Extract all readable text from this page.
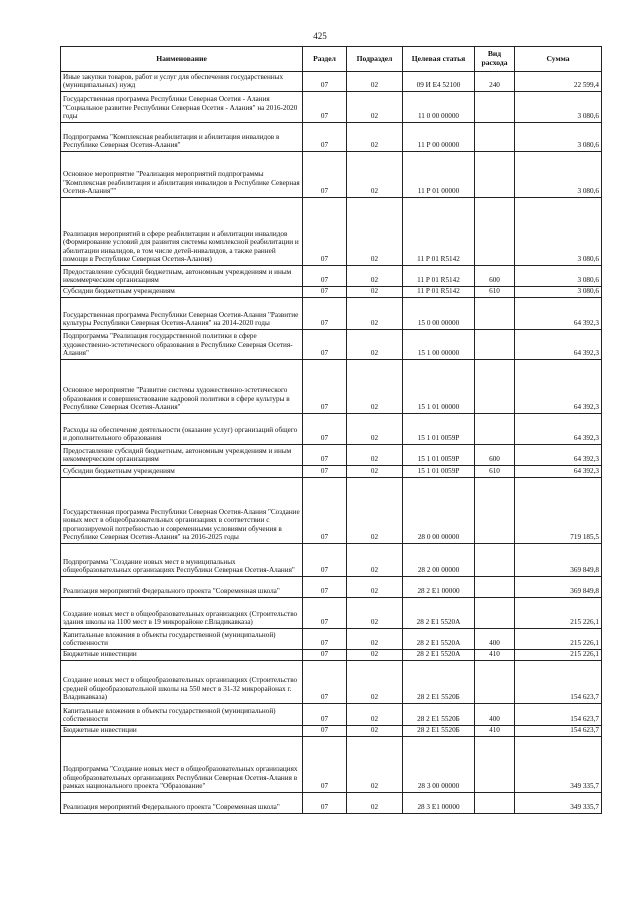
425
Наименование	Раздел	Подраздел	Целевая статья	Вид расхода	Сумма
Иные закупки товаров, работ и услуг для обеспечения государственных (муниципальных) нужд	07	02	09 И Е4 52100	240	22 599,4
Государственная программа Республики Северная Осетия - Алания "Социальное развитие Республики Северная Осетия - Алания" на 2016-2020 годы	07	02	11 0 00 00000		3 080,6
Подпрограмма "Комплексная реабилитация и абилитация инвалидов в Республике Северная Осетия-Алания"	07	02	11 Р 00 00000		3 080,6
Основное мероприятие "Реализация мероприятий подпрограммы "Комплексная реабилитация и абилитация инвалидов в Республике Северная Осетия-Алания""	07	02	11 Р 01 00000		3 080,6
Реализация мероприятий в сфере реабилитации и абилитации инвалидов (Формирование условий для развития системы комплексной реабилитации и абилитации инвалидов, в том числе детей-инвалидов, а также ранней помощи в Республике Северная Осетия-Алания)	07	02	11 Р 01 R5142		3 080,6
Предоставление субсидий бюджетным, автономным учреждениям и иным некоммерческим организациям	07	02	11 Р 01 R5142	600	3 080,6
Субсидии бюджетным учреждениям	07	02	11 Р 01 R5142	610	3 080,6
Государственная программа Республики Северная Осетия-Алания "Развитие культуры Республики Северная Осетия-Алания" на 2014-2020 годы	07	02	15 0 00 00000		64 392,3
Подпрограмма "Реализация государственной политики в сфере художественно-эстетического образования в Республике Северная Осетия-Алания"	07	02	15 1 00 00000		64 392,3
Основное мероприятие "Развитие системы художественно-эстетического образования и совершенствование кадровой политики в сфере культуры в Республике Северная Осетия-Алания"	07	02	15 1 01 00000		64 392,3
Расходы на обеспечение деятельности (оказание услуг) организаций общего и дополнительного образования	07	02	15 1 01 0059Р		64 392,3
Предоставление субсидий бюджетным, автономным учреждениям и иным некоммерческим организациям	07	02	15 1 01 0059Р	600	64 392,3
Субсидии бюджетным учреждениям	07	02	15 1 01 0059Р	610	64 392,3
Государственная программа Республики Северная Осетия-Алания "Создание новых мест в общеобразовательных организациях в соответствии с прогнозируемой потребностью и современными условиями обучения в Республике Северная Осетия-Алания" на 2016-2025 годы	07	02	28 0 00 00000		719 185,5
Подпрограмма "Создание новых мест в муниципальных общеобразовательных организациях Республики Северная Осетия-Алания"	07	02	28 2 00 00000		369 849,8
Реализация мероприятий Федерального проекта "Современная школа"	07	02	28 2 Е1 00000		369 849,8
Создание новых мест в общеобразовательных организациях (Строительство здания школы на 1100 мест в 19 микрорайоне г.Владикавказа)	07	02	28 2 Е1 5520А		215 226,1
Капитальные вложения в объекты государственной (муниципальной) собственности	07	02	28 2 Е1 5520А	400	215 226,1
Бюджетные инвестиции	07	02	28 2 Е1 5520А	410	215 226,1
Создание новых мест в общеобразовательных организациях (Строительство средней общеобразовательной школы на 550 мест в 31-32 микрорайонах г. Владикавказа)	07	02	28 2 Е1 5520Б		154 623,7
Капитальные вложения в объекты государственной (муниципальной) собственности	07	02	28 2 Е1 5520Б	400	154 623,7
Бюджетные инвестиции	07	02	28 2 Е1 5520Б	410	154 623,7
Подпрограмма "Создание новых мест в общеобразовательных организациях общеобразовательных организациях Республики Северная Осетия-Алания в рамках национального проекта "Образование"	07	02	28 3 00 00000		349 335,7
Реализация мероприятий Федерального проекта "Современная школа"	07	02	28 3 Е1 00000		349 335,7
